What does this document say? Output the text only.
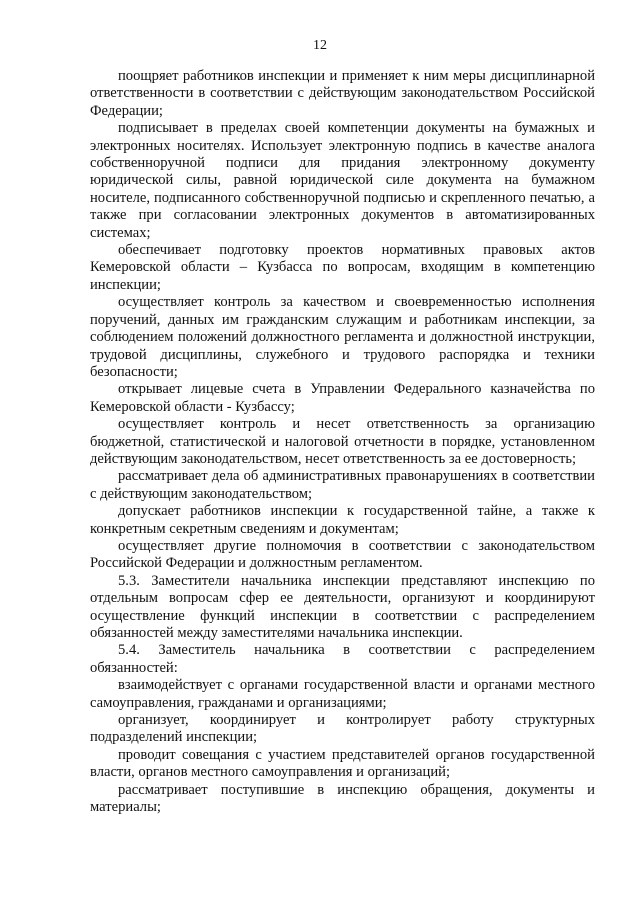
12

поощряет работников инспекции и применяет к ним меры дисциплинарной ответственности в соответствии с действующим законодательством Российской Федерации;

подписывает в пределах своей компетенции документы на бумажных и электронных носителях. Использует электронную подпись в качестве аналога собственноручной подписи для придания электронному документу юридической силы, равной юридической силе документа на бумажном носителе, подписанного собственноручной подписью и скрепленного печатью, а также при согласовании электронных документов в автоматизированных системах;

обеспечивает подготовку проектов нормативных правовых актов Кемеровской области – Кузбасса по вопросам, входящим в компетенцию инспекции;

осуществляет контроль за качеством и своевременностью исполнения поручений, данных им гражданским служащим и работникам инспекции, за соблюдением положений должностного регламента и должностной инструкции, трудовой дисциплины, служебного и трудового распорядка и техники безопасности;

открывает лицевые счета в Управлении Федерального казначейства по Кемеровской области - Кузбассу;

осуществляет контроль и несет ответственность за организацию бюджетной, статистической и налоговой отчетности в порядке, установленном действующим законодательством, несет ответственность за ее достоверность;

рассматривает дела об административных правонарушениях в соответствии с действующим законодательством;

допускает работников инспекции к государственной тайне, а также к конкретным секретным сведениям и документам;

осуществляет другие полномочия в соответствии с законодательством Российской Федерации и должностным регламентом.

5.3. Заместители начальника инспекции представляют инспекцию по отдельным вопросам сфер ее деятельности, организуют и координируют осуществление функций инспекции в соответствии с распределением обязанностей между заместителями начальника инспекции.

5.4. Заместитель начальника в соответствии с распределением обязанностей:

взаимодействует с органами государственной власти и органами местного самоуправления, гражданами и организациями;

организует, координирует и контролирует работу структурных подразделений инспекции;

проводит совещания с участием представителей органов государственной власти, органов местного самоуправления и организаций;

рассматривает поступившие в инспекцию обращения, документы и материалы;
